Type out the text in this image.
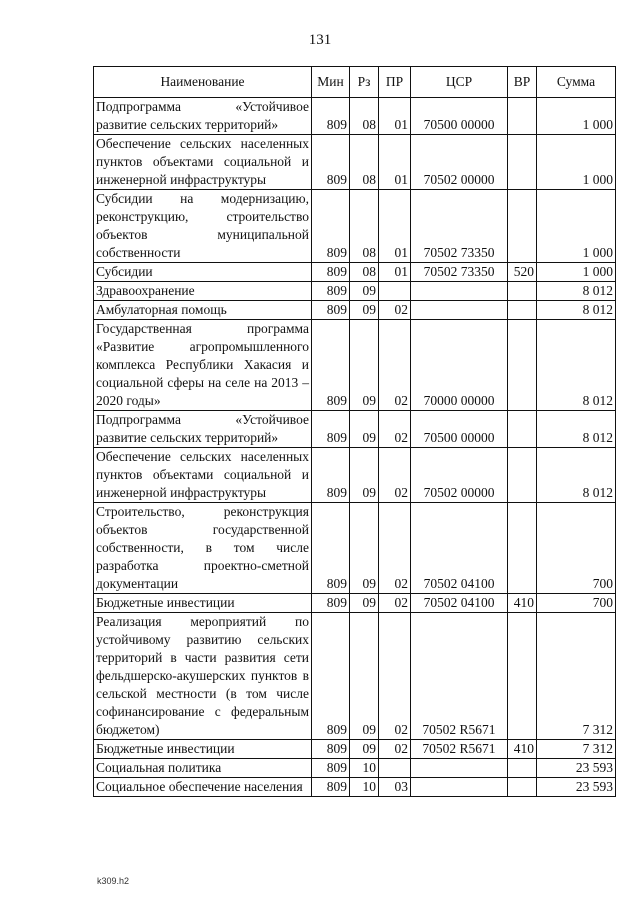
131
Наименование	Мин	Рз	ПР	ЦСР	ВР	Сумма
Подпрограмма «Устойчивое развитие сельских территорий»	809	08	01	70500 00000		1 000
Обеспечение сельских населенных пунктов объектами социальной и инженерной инфраструктуры	809	08	01	70502 00000		1 000
Субсидии на модернизацию, реконструкцию, строительство объектов муниципальной собственности	809	08	01	70502 73350		1 000
Субсидии	809	08	01	70502 73350	520	1 000
Здравоохранение	809	09				8 012
Амбулаторная помощь	809	09	02			8 012
Государственная программа «Развитие агропромышленного комплекса Республики Хакасия и социальной сферы на селе на 2013 – 2020 годы»	809	09	02	70000 00000		8 012
Подпрограмма «Устойчивое развитие сельских территорий»	809	09	02	70500 00000		8 012
Обеспечение сельских населенных пунктов объектами социальной и инженерной инфраструктуры	809	09	02	70502 00000		8 012
Строительство, реконструкция объектов государственной собственности, в том числе разработка проектно-сметной документации	809	09	02	70502 04100		700
Бюджетные инвестиции	809	09	02	70502 04100	410	700
Реализация мероприятий по устойчивому развитию сельских территорий в части развития сети фельдшерско-акушерских пунктов в сельской местности (в том числе софинансирование с федеральным бюджетом)	809	09	02	70502 R5671		7 312
Бюджетные инвестиции	809	09	02	70502 R5671	410	7 312
Социальная политика	809	10				23 593
Социальное обеспечение населения	809	10	03			23 593
k309.h2
